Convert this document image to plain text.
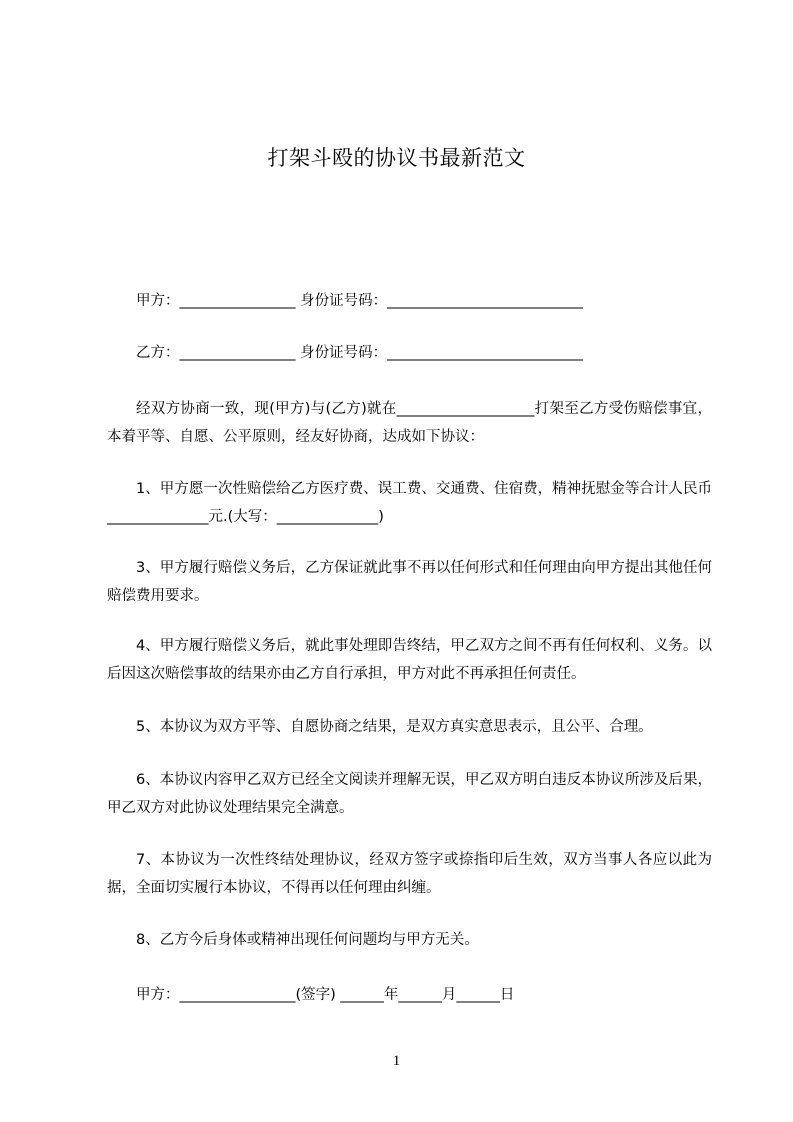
打架斗殴的协议书最新范文
甲方：________________ 身份证号码：___________________________
乙方：________________ 身份证号码：___________________________
经双方协商一致，现(甲方)与(乙方)就在___________________打架至乙方受伤赔偿事宜，本着平等、自愿、公平原则，经友好协商，达成如下协议：
1、甲方愿一次性赔偿给乙方医疗费、误工费、交通费、住宿费，精神抚慰金等合计人民币______________元.(大写：______________)
3、甲方履行赔偿义务后，乙方保证就此事不再以任何形式和任何理由向甲方提出其他任何赔偿费用要求。
4、甲方履行赔偿义务后，就此事处理即告终结，甲乙双方之间不再有任何权利、义务。以后因这次赔偿事故的结果亦由乙方自行承担，甲方对此不再承担任何责任。
5、本协议为双方平等、自愿协商之结果，是双方真实意思表示，且公平、合理。
6、本协议内容甲乙双方已经全文阅读并理解无误，甲乙双方明白违反本协议所涉及后果，甲乙双方对此协议处理结果完全满意。
7、本协议为一次性终结处理协议，经双方签字或捺指印后生效，双方当事人各应以此为据，全面切实履行本协议，不得再以任何理由纠缠。
8、乙方今后身体或精神出现任何问题均与甲方无关。
甲方：________________(签字) ______年______月______日
1
